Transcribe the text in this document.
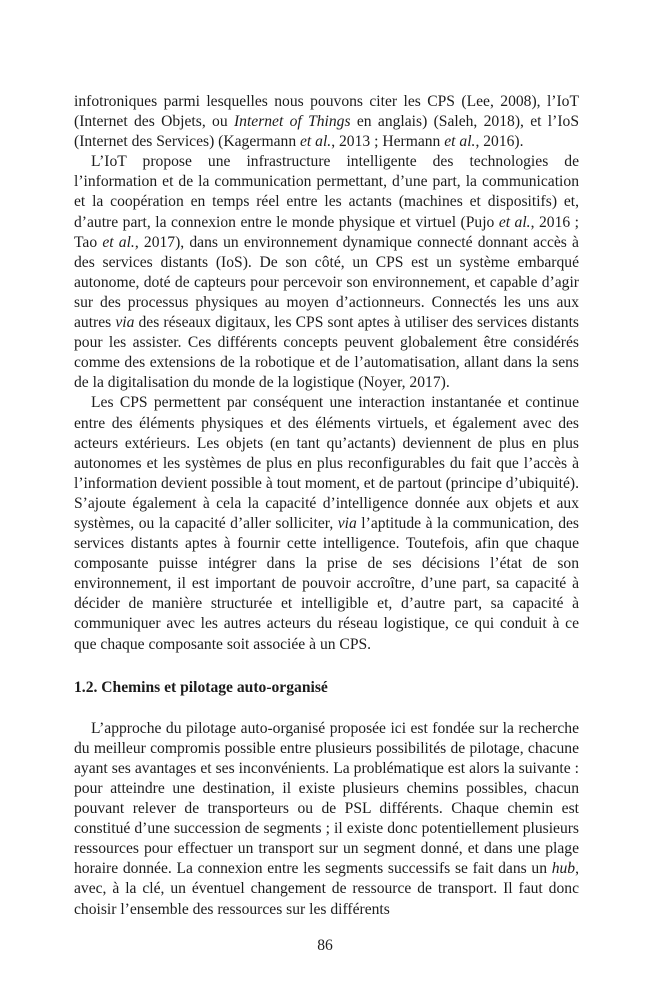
infotroniques parmi lesquelles nous pouvons citer les CPS (Lee, 2008), l’IoT (Internet des Objets, ou Internet of Things en anglais) (Saleh, 2018), et l’IoS (Internet des Services) (Kagermann et al., 2013 ; Hermann et al., 2016).

L’IoT propose une infrastructure intelligente des technologies de l’information et de la communication permettant, d’une part, la communication et la coopération en temps réel entre les actants (machines et dispositifs) et, d’autre part, la connexion entre le monde physique et virtuel (Pujo et al., 2016 ; Tao et al., 2017), dans un environnement dynamique connecté donnant accès à des services distants (IoS). De son côté, un CPS est un système embarqué autonome, doté de capteurs pour percevoir son environnement, et capable d’agir sur des processus physiques au moyen d’actionneurs. Connectés les uns aux autres via des réseaux digitaux, les CPS sont aptes à utiliser des services distants pour les assister. Ces différents concepts peuvent globalement être considérés comme des extensions de la robotique et de l’automatisation, allant dans la sens de la digitalisation du monde de la logistique (Noyer, 2017).

Les CPS permettent par conséquent une interaction instantanée et continue entre des éléments physiques et des éléments virtuels, et également avec des acteurs extérieurs. Les objets (en tant qu’actants) deviennent de plus en plus autonomes et les systèmes de plus en plus reconfigurables du fait que l’accès à l’information devient possible à tout moment, et de partout (principe d’ubiquité). S’ajoute également à cela la capacité d’intelligence donnée aux objets et aux systèmes, ou la capacité d’aller solliciter, via l’aptitude à la communication, des services distants aptes à fournir cette intelligence. Toutefois, afin que chaque composante puisse intégrer dans la prise de ses décisions l’état de son environnement, il est important de pouvoir accroître, d’une part, sa capacité à décider de manière structurée et intelligible et, d’autre part, sa capacité à communiquer avec les autres acteurs du réseau logistique, ce qui conduit à ce que chaque composante soit associée à un CPS.

1.2. Chemins et pilotage auto-organisé

L’approche du pilotage auto-organisé proposée ici est fondée sur la recherche du meilleur compromis possible entre plusieurs possibilités de pilotage, chacune ayant ses avantages et ses inconvénients. La problématique est alors la suivante : pour atteindre une destination, il existe plusieurs chemins possibles, chacun pouvant relever de transporteurs ou de PSL différents. Chaque chemin est constitué d’une succession de segments ; il existe donc potentiellement plusieurs ressources pour effectuer un transport sur un segment donné, et dans une plage horaire donnée. La connexion entre les segments successifs se fait dans un hub, avec, à la clé, un éventuel changement de ressource de transport. Il faut donc choisir l’ensemble des ressources sur les différents

86
